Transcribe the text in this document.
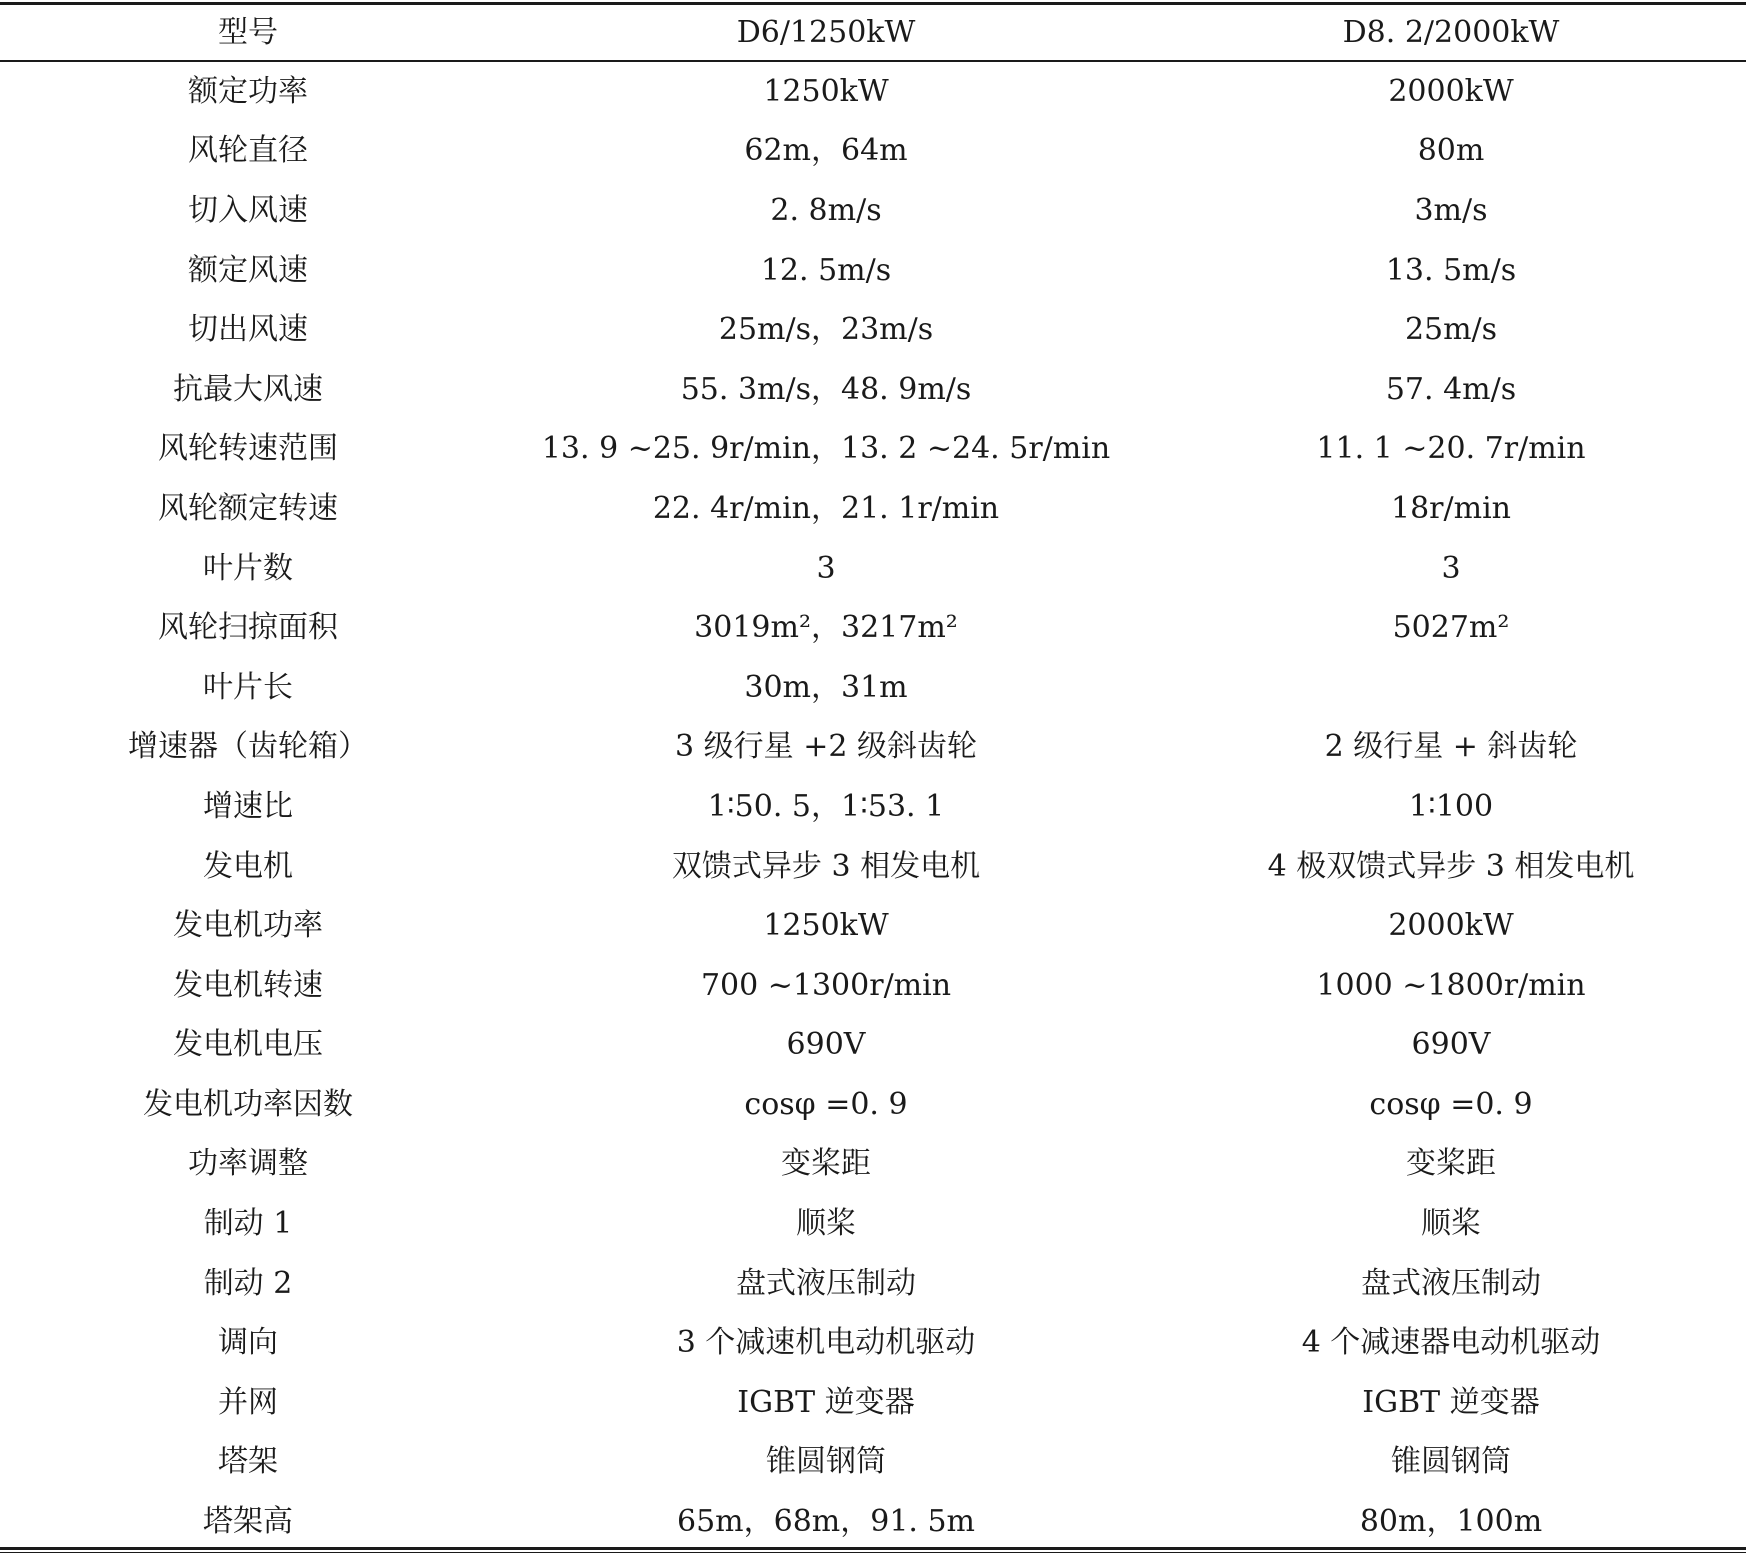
型号	D6/1250kW	D8. 2/2000kW
额定功率	1250kW	2000kW
风轮直径	62m，64m	80m
切入风速	2. 8m/s	3m/s
额定风速	12. 5m/s	13. 5m/s
切出风速	25m/s，23m/s	25m/s
抗最大风速	55. 3m/s，48. 9m/s	57. 4m/s
风轮转速范围	13. 9 ~25. 9r/min，13. 2 ~24. 5r/min	11. 1 ~20. 7r/min
风轮额定转速	22. 4r/min，21. 1r/min	18r/min
叶片数	3	3
风轮扫掠面积	3019m²，3217m²	5027m²
叶片长	30m，31m
增速器（齿轮箱）	3 级行星 +2 级斜齿轮	2 级行星 + 斜齿轮
增速比	1∶50. 5，1∶53. 1	1∶100
发电机	双馈式异步 3 相发电机	4 极双馈式异步 3 相发电机
发电机功率	1250kW	2000kW
发电机转速	700 ~1300r/min	1000 ~1800r/min
发电机电压	690V	690V
发电机功率因数	cosφ =0. 9	cosφ =0. 9
功率调整	变桨距	变桨距
制动 1	顺桨	顺桨
制动 2	盘式液压制动	盘式液压制动
调向	3 个减速机电动机驱动	4 个减速器电动机驱动
并网	IGBT 逆变器	IGBT 逆变器
塔架	锥圆钢筒	锥圆钢筒
塔架高	65m，68m，91. 5m	80m，100m
